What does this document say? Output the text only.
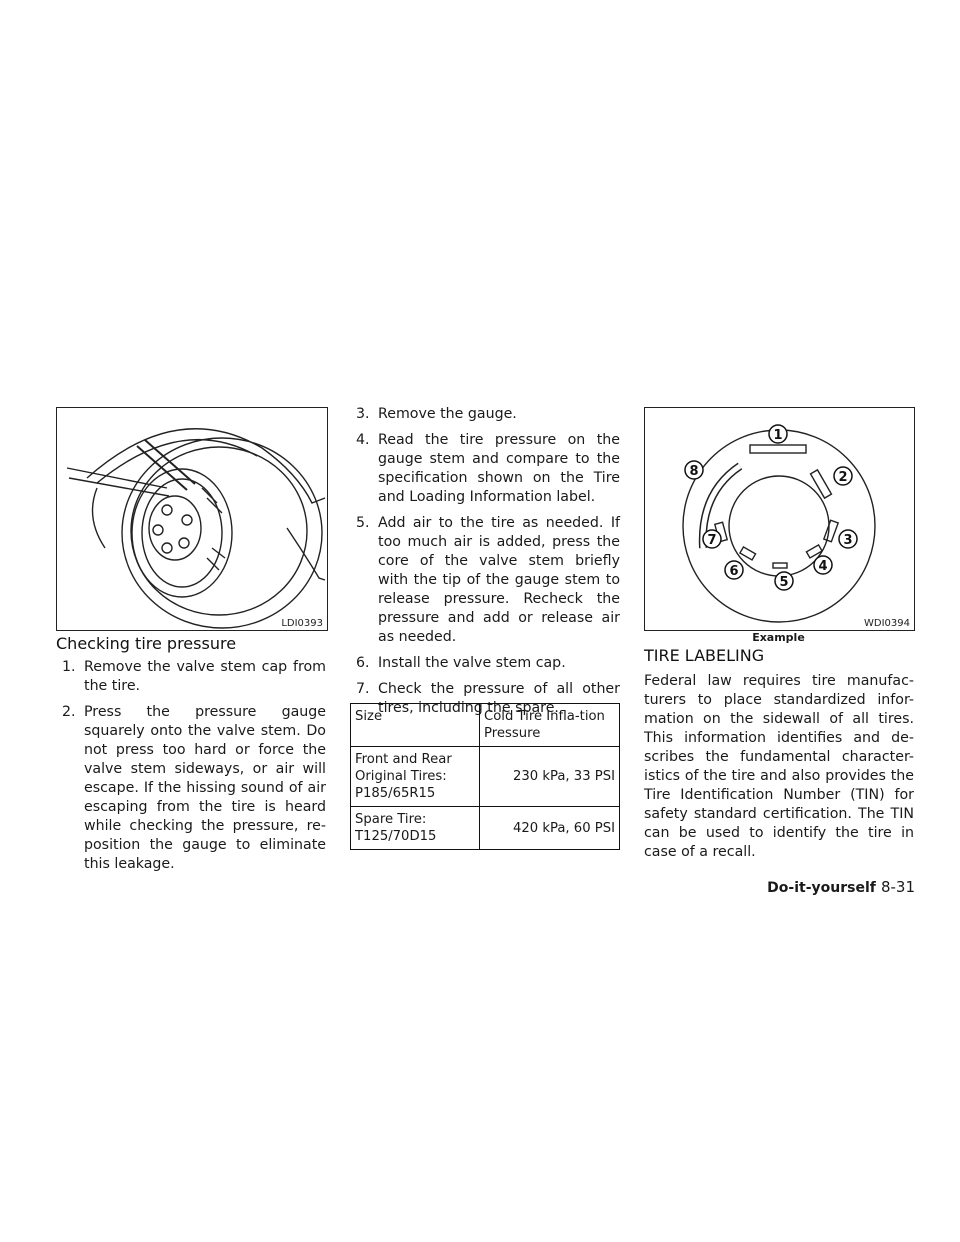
LDI0393
Checking tire pressure
1. Remove the valve stem cap from the tire.
2. Press the pressure gauge squarely onto the valve stem. Do not press too hard or force the valve stem sideways, or air will escape. If the hissing sound of air escaping from the tire is heard while checking the pressure, re-position the gauge to eliminate this leakage.
3. Remove the gauge.
4. Read the tire pressure on the gauge stem and compare to the specification shown on the Tire and Loading Information label.
5. Add air to the tire as needed. If too much air is added, press the core of the valve stem briefly with the tip of the gauge stem to release pressure. Recheck the pressure and add or release air as needed.
6. Install the valve stem cap.
7. Check the pressure of all other tires, including the spare.
Size	Cold Tire Infla-tion Pressure
Front and Rear Original Tires: P185/65R15	230 kPa, 33 PSI
Spare Tire: T125/70D15	420 kPa, 60 PSI
1
2
3
4
5
6
7
8
WDI0394
Example
TIRE LABELING
Federal law requires tire manufac-turers to place standardized infor-mation on the sidewall of all tires. This information identifies and de-scribes the fundamental character-istics of the tire and also provides the Tire Identification Number (TIN) for safety standard certification. The TIN can be used to identify the tire in case of a recall.
Do-it-yourself 8-31
